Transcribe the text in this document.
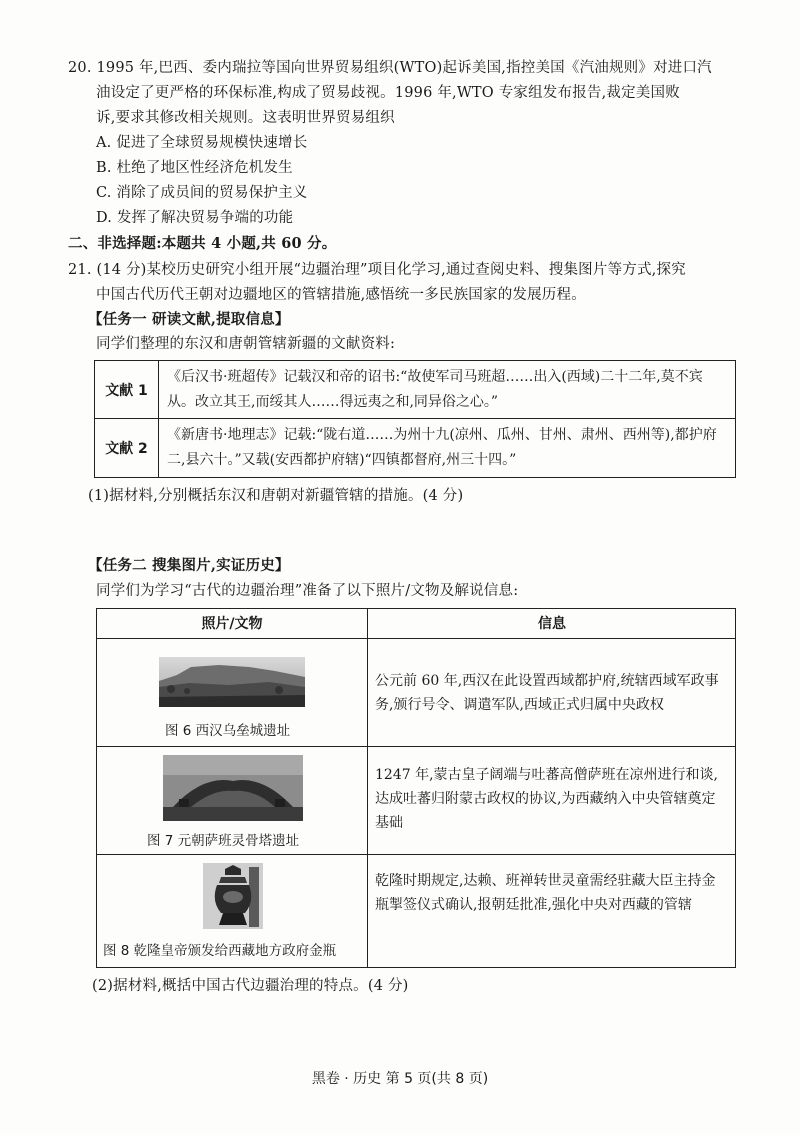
20. 1995 年,巴西、委内瑞拉等国向世界贸易组织(WTO)起诉美国,指控美国《汽油规则》对进口汽
油设定了更严格的环保标准,构成了贸易歧视。1996 年,WTO 专家组发布报告,裁定美国败
诉,要求其修改相关规则。这表明世界贸易组织
A. 促进了全球贸易规模快速增长
B. 杜绝了地区性经济危机发生
C. 消除了成员间的贸易保护主义
D. 发挥了解决贸易争端的功能
二、非选择题:本题共 4 小题,共 60 分。
21. (14 分)某校历史研究小组开展“边疆治理”项目化学习,通过查阅史料、搜集图片等方式,探究
中国古代历代王朝对边疆地区的管辖措施,感悟统一多民族国家的发展历程。
【任务一 研读文献,提取信息】
同学们整理的东汉和唐朝管辖新疆的文献资料:
文献 1
《后汉书·班超传》记载汉和帝的诏书:“故使军司马班超……出入(西域)二十二年,莫不宾从。改立其王,而绥其人……得远夷之和,同异俗之心。”
文献 2
《新唐书·地理志》记载:“陇右道……为州十九(凉州、瓜州、甘州、肃州、西州等),都护府二,县六十。”又载(安西都护府辖)“四镇都督府,州三十四。”
(1)据材料,分别概括东汉和唐朝对新疆管辖的措施。(4 分)
【任务二 搜集图片,实证历史】
同学们为学习“古代的边疆治理”准备了以下照片/文物及解说信息:
照片/文物	信息
图 6 西汉乌垒城遗址
公元前 60 年,西汉在此设置西域都护府,统辖西域军政事务,颁行号令、调遣军队,西域正式归属中央政权
图 7 元朝萨班灵骨塔遗址
1247 年,蒙古皇子阔端与吐蕃高僧萨班在凉州进行和谈,达成吐蕃归附蒙古政权的协议,为西藏纳入中央管辖奠定基础
图 8 乾隆皇帝颁发给西藏地方政府金瓶
乾隆时期规定,达赖、班禅转世灵童需经驻藏大臣主持金瓶掣签仪式确认,报朝廷批准,强化中央对西藏的管辖
(2)据材料,概括中国古代边疆治理的特点。(4 分)
黑卷 · 历史 第 5 页(共 8 页)
